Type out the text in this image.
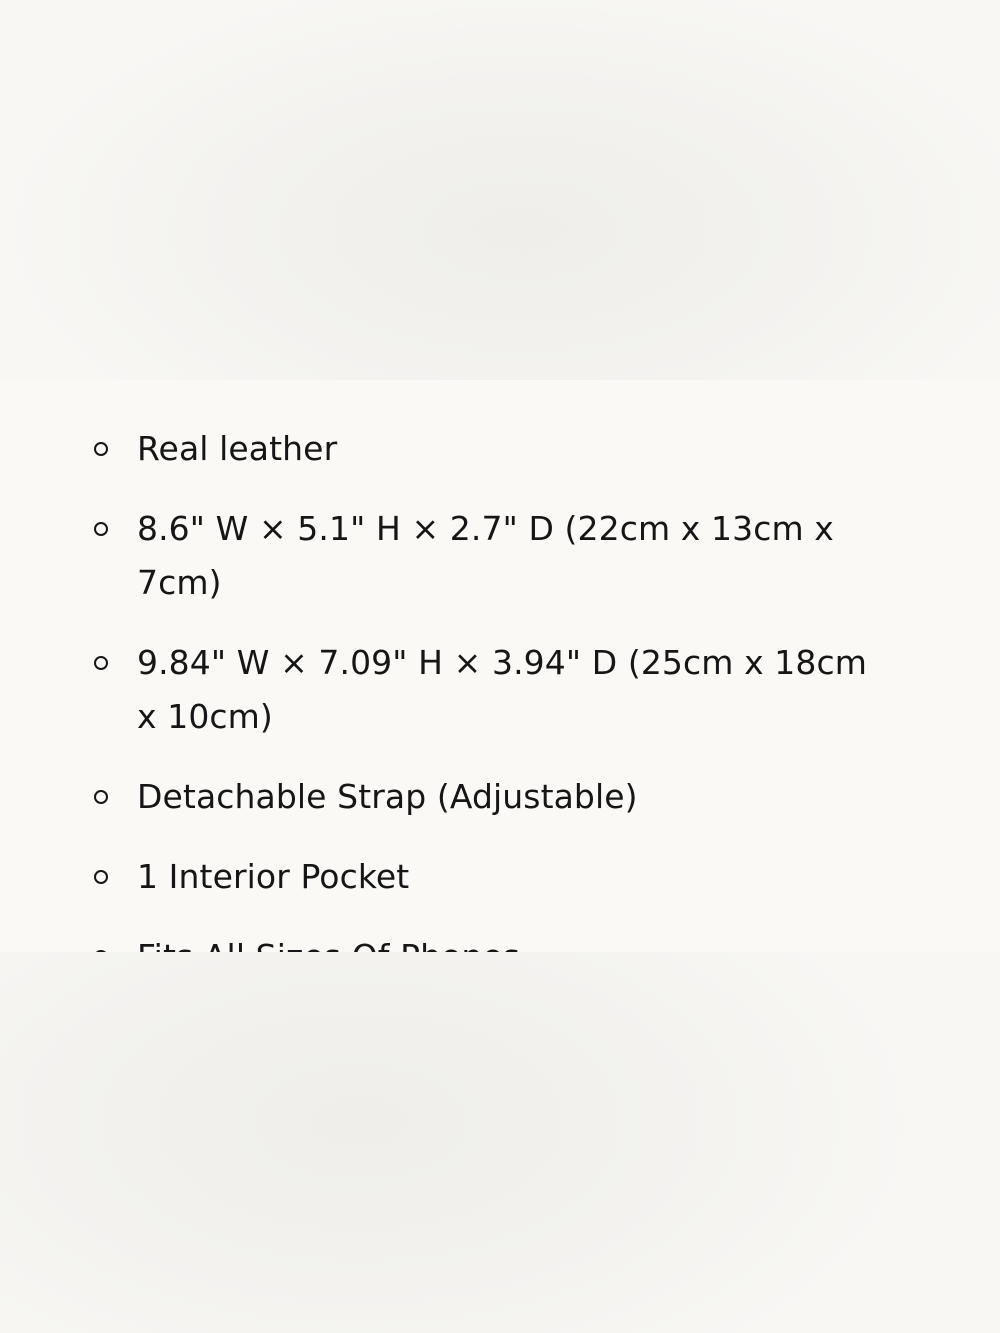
Real leather
8.6" W × 5.1" H × 2.7" D (22cm x 13cm x 7cm)
9.84" W × 7.09" H × 3.94" D (25cm x 18cm x 10cm)
Detachable Strap (Adjustable)
1 Interior Pocket
